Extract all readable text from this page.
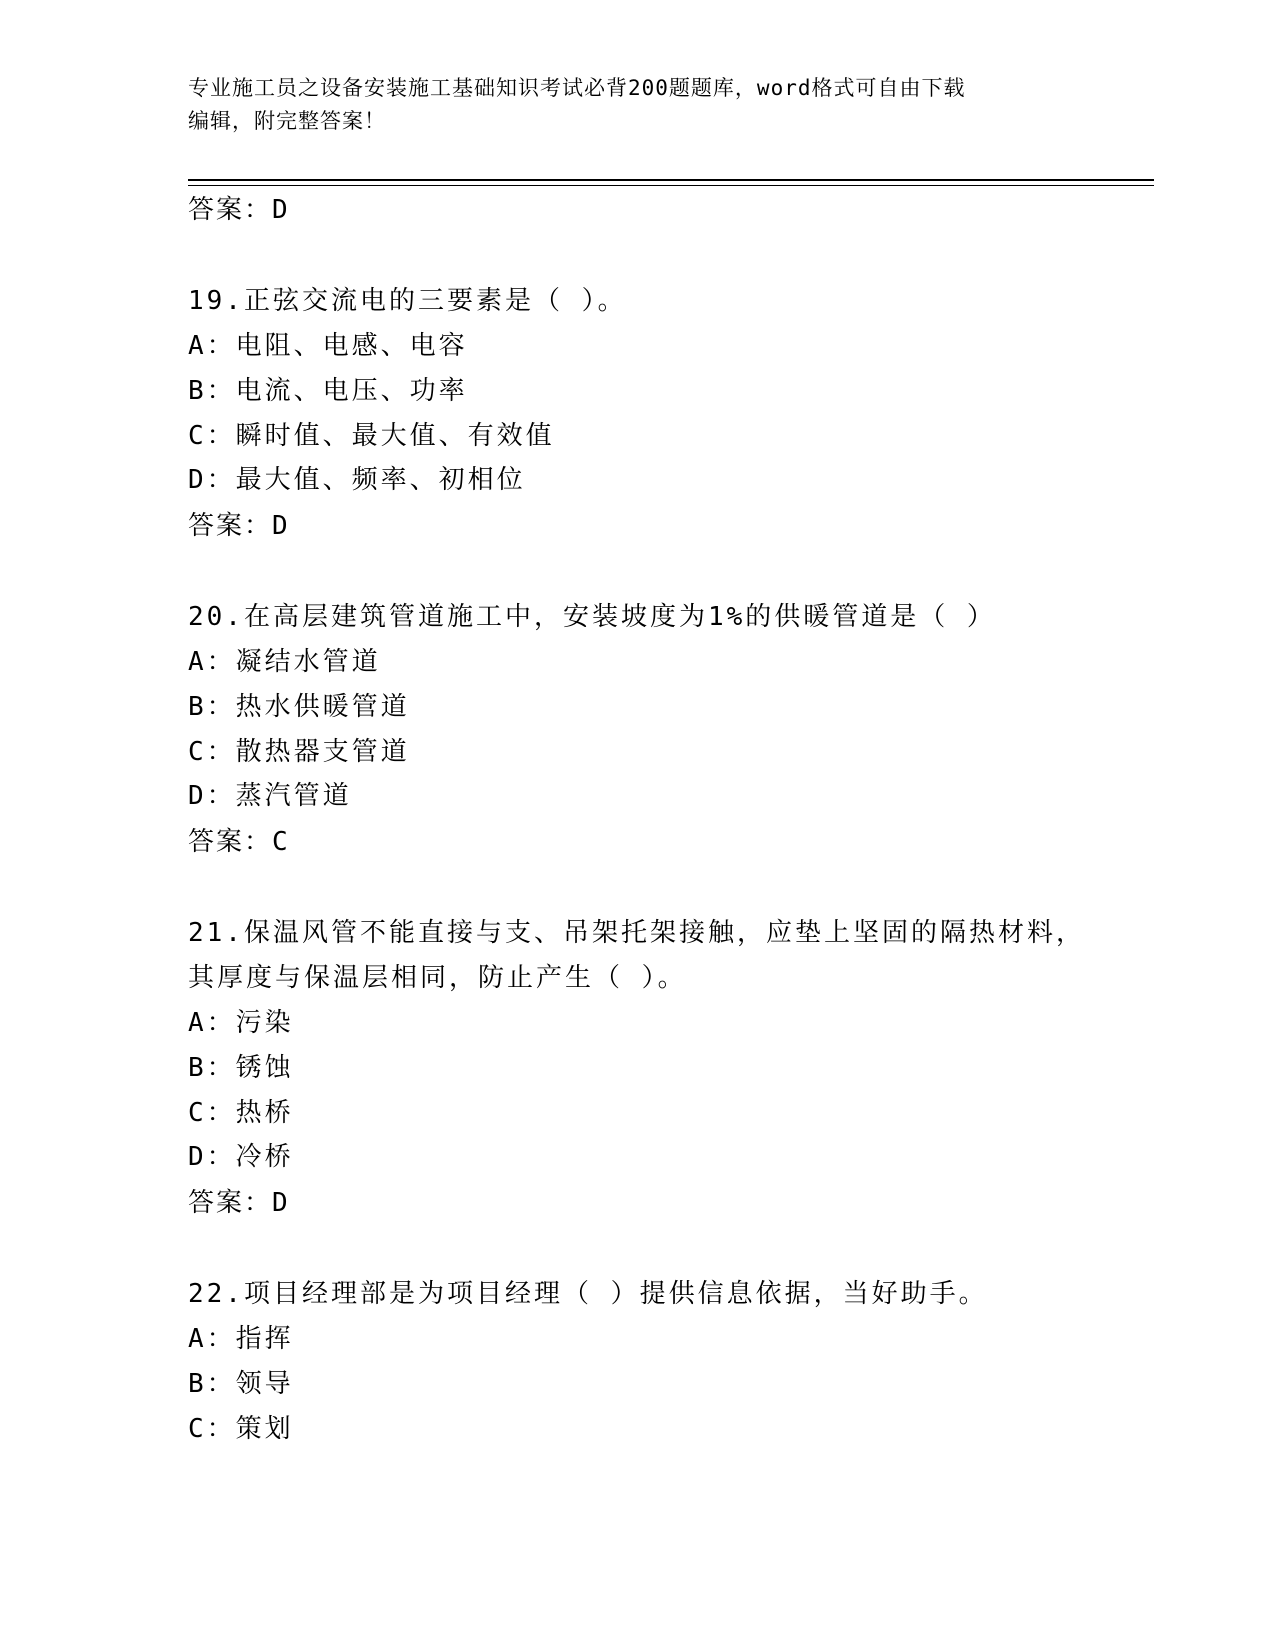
专业施工员之设备安装施工基础知识考试必背200题题库，word格式可自由下载
编辑，附完整答案！
答案：D
19.正弦交流电的三要素是（ ）。
A：电阻、电感、电容
B：电流、电压、功率
C：瞬时值、最大值、有效值
D：最大值、频率、初相位
答案：D
20.在高层建筑管道施工中，安装坡度为1%的供暖管道是（ ）
A：凝结水管道
B：热水供暖管道
C：散热器支管道
D：蒸汽管道
答案：C
21.保温风管不能直接与支、吊架托架接触，应垫上坚固的隔热材料，
其厚度与保温层相同，防止产生（ ）。
A：污染
B：锈蚀
C：热桥
D：冷桥
答案：D
22.项目经理部是为项目经理（ ）提供信息依据，当好助手。
A：指挥
B：领导
C：策划
